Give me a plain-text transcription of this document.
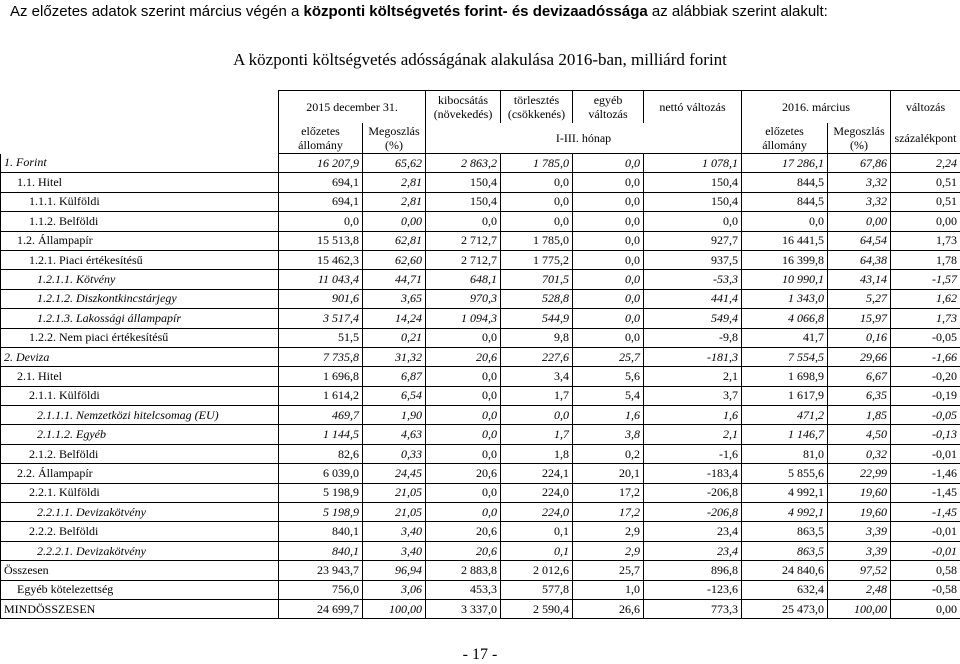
Az előzetes adatok szerint március végén a központi költségvetés forint- és devizaadóssága az alábbiak szerint alakult:
A központi költségvetés adósságának alakulása 2016-ban, milliárd forint
	2015 december 31.		kibocsátás (növekedés)	törlesztés (csökkenés)	egyéb változás	nettó változás	2016. március		változás
	előzetes állomány	Megoszlás (%)	I-III. hónap				előzetes állomány	Megoszlás (%)	százalékpont
1. Forint	16 207,9	65,62	2 863,2	1 785,0	0,0	1 078,1	17 286,1	67,86	2,24
1.1. Hitel	694,1	2,81	150,4	0,0	0,0	150,4	844,5	3,32	0,51
1.1.1. Külföldi	694,1	2,81	150,4	0,0	0,0	150,4	844,5	3,32	0,51
1.1.2. Belföldi	0,0	0,00	0,0	0,0	0,0	0,0	0,0	0,00	0,00
1.2. Állampapír	15 513,8	62,81	2 712,7	1 785,0	0,0	927,7	16 441,5	64,54	1,73
1.2.1. Piaci értékesítésű	15 462,3	62,60	2 712,7	1 775,2	0,0	937,5	16 399,8	64,38	1,78
1.2.1.1. Kötvény	11 043,4	44,71	648,1	701,5	0,0	-53,3	10 990,1	43,14	-1,57
1.2.1.2. Diszkontkincstárjegy	901,6	3,65	970,3	528,8	0,0	441,4	1 343,0	5,27	1,62
1.2.1.3. Lakossági állampapír	3 517,4	14,24	1 094,3	544,9	0,0	549,4	4 066,8	15,97	1,73
1.2.2. Nem piaci értékesítésű	51,5	0,21	0,0	9,8	0,0	-9,8	41,7	0,16	-0,05
2. Deviza	7 735,8	31,32	20,6	227,6	25,7	-181,3	7 554,5	29,66	-1,66
2.1. Hitel	1 696,8	6,87	0,0	3,4	5,6	2,1	1 698,9	6,67	-0,20
2.1.1. Külföldi	1 614,2	6,54	0,0	1,7	5,4	3,7	1 617,9	6,35	-0,19
2.1.1.1. Nemzetközi hitelcsomag (EU)	469,7	1,90	0,0	0,0	1,6	1,6	471,2	1,85	-0,05
2.1.1.2. Egyéb	1 144,5	4,63	0,0	1,7	3,8	2,1	1 146,7	4,50	-0,13
2.1.2. Belföldi	82,6	0,33	0,0	1,8	0,2	-1,6	81,0	0,32	-0,01
2.2. Állampapír	6 039,0	24,45	20,6	224,1	20,1	-183,4	5 855,6	22,99	-1,46
2.2.1. Külföldi	5 198,9	21,05	0,0	224,0	17,2	-206,8	4 992,1	19,60	-1,45
2.2.1.1. Devizakötvény	5 198,9	21,05	0,0	224,0	17,2	-206,8	4 992,1	19,60	-1,45
2.2.2. Belföldi	840,1	3,40	20,6	0,1	2,9	23,4	863,5	3,39	-0,01
2.2.2.1. Devizakötvény	840,1	3,40	20,6	0,1	2,9	23,4	863,5	3,39	-0,01
Összesen	23 943,7	96,94	2 883,8	2 012,6	25,7	896,8	24 840,6	97,52	0,58
Egyéb kötelezettség	756,0	3,06	453,3	577,8	1,0	-123,6	632,4	2,48	-0,58
MINDÖSSZESEN	24 699,7	100,00	3 337,0	2 590,4	26,6	773,3	25 473,0	100,00	0,00
- 17 -
